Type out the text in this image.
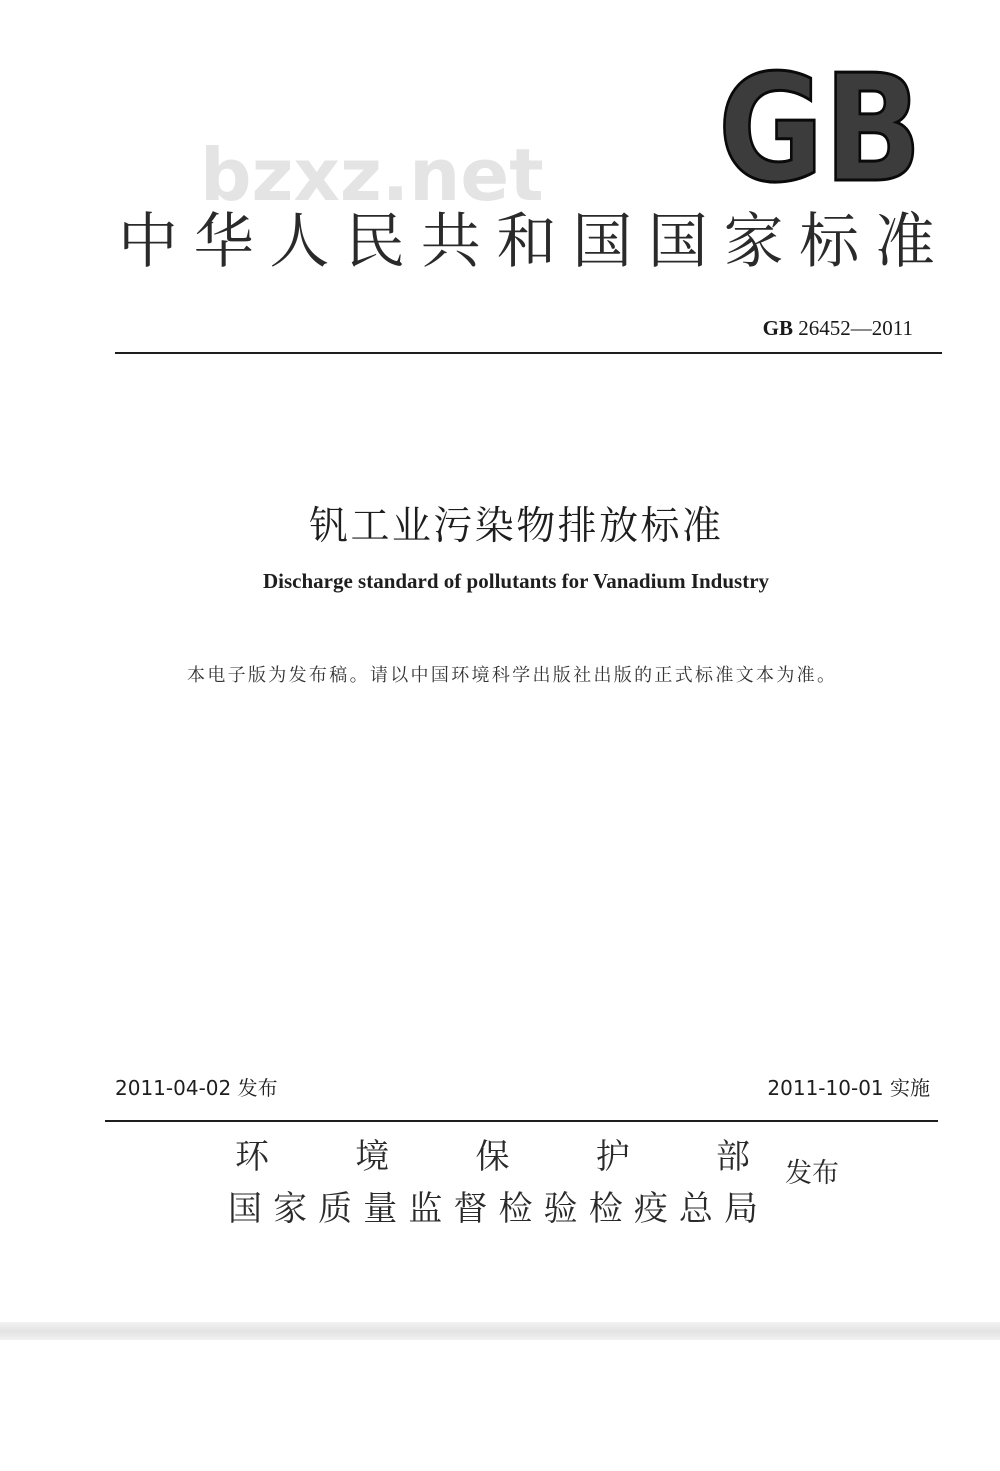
bzxz.net GB
中华人民共和国国家标准
GB 26452—2011
钒工业污染物排放标准
Discharge standard of pollutants for Vanadium Industry
本电子版为发布稿。请以中国环境科学出版社出版的正式标准文本为准。
2011-04-02 发布	2011-10-01 实施
环境保护部
国家质量监督检验检疫总局
发布
